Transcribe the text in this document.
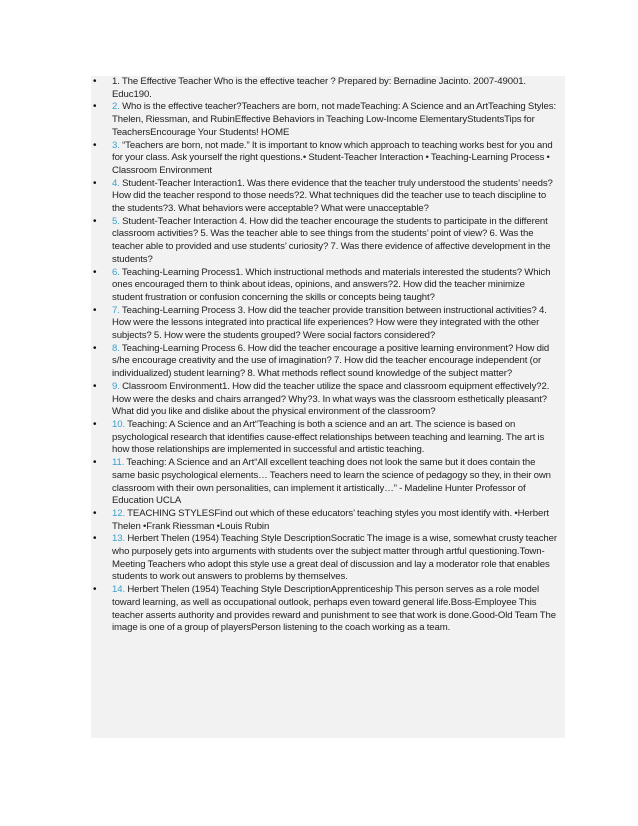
• 1. The Effective Teacher Who is the effective teacher ? Prepared by: Bernadine Jacinto. 2007-49001. Educ190.
• 2. Who is the effective teacher?Teachers are born, not madeTeaching: A Science and an ArtTeaching Styles: Thelen, Riessman, and RubinEffective Behaviors in Teaching Low-Income ElementaryStudentsTips for TeachersEncourage Your Students! HOME
• 3. “Teachers are born, not made.” It is important to know which approach to teaching works best for you and for your class. Ask yourself the right questions.• Student-Teacher Interaction • Teaching-Learning Process • Classroom Environment
• 4. Student-Teacher Interaction1. Was there evidence that the teacher truly understood the students’ needs? How did the teacher respond to those needs?2. What techniques did the teacher use to teach discipline to the students?3. What behaviors were acceptable? What were unacceptable?
• 5. Student-Teacher Interaction 4. How did the teacher encourage the students to participate in the different classroom activities? 5. Was the teacher able to see things from the students’ point of view? 6. Was the teacher able to provided and use students’ curiosity? 7. Was there evidence of affective development in the students?
• 6. Teaching-Learning Process1. Which instructional methods and materials interested the students? Which ones encouraged them to think about ideas, opinions, and answers?2. How did the teacher minimize student frustration or confusion concerning the skills or concepts being taught?
• 7. Teaching-Learning Process 3. How did the teacher provide transition between instructional activities? 4. How were the lessons integrated into practical life experiences? How were they integrated with the other subjects? 5. How were the students grouped? Were social factors considered?
• 8. Teaching-Learning Process 6. How did the teacher encourage a positive learning environment? How did s/he encourage creativity and the use of imagination? 7. How did the teacher encourage independent (or individualized) student learning? 8. What methods reflect sound knowledge of the subject matter?
• 9. Classroom Environment1. How did the teacher utilize the space and classroom equipment effectively?2. How were the desks and chairs arranged? Why?3. In what ways was the classroom esthetically pleasant? What did you like and dislike about the physical environment of the classroom?
• 10. Teaching: A Science and an Art“Teaching is both a science and an art. The science is based on psychological research that identifies cause-effect relationships between teaching and learning. The art is how those relationships are implemented in successful and artistic teaching.
• 11. Teaching: A Science and an Art“All excellent teaching does not look the same but it does contain the same basic psychological elements… Teachers need to learn the science of pedagogy so they, in their own classroom with their own personalities, can implement it artistically…” - Madeline Hunter Professor of Education UCLA
• 12. TEACHING STYLESFind out which of these educators’ teaching styles you most identify with. •Herbert Thelen •Frank Riessman •Louis Rubin
• 13. Herbert Thelen (1954) Teaching Style DescriptionSocratic The image is a wise, somewhat crusty teacher who purposely gets into arguments with students over the subject matter through artful questioning.Town-Meeting Teachers who adopt this style use a great deal of discussion and lay a moderator role that enables students to work out answers to problems by themselves.
• 14. Herbert Thelen (1954) Teaching Style DescriptionApprenticeship This person serves as a role model toward learning, as well as occupational outlook, perhaps even toward general life.Boss-Employee This teacher asserts authority and provides reward and punishment to see that work is done.Good-Old Team The image is one of a group of playersPerson listening to the coach working as a team.
